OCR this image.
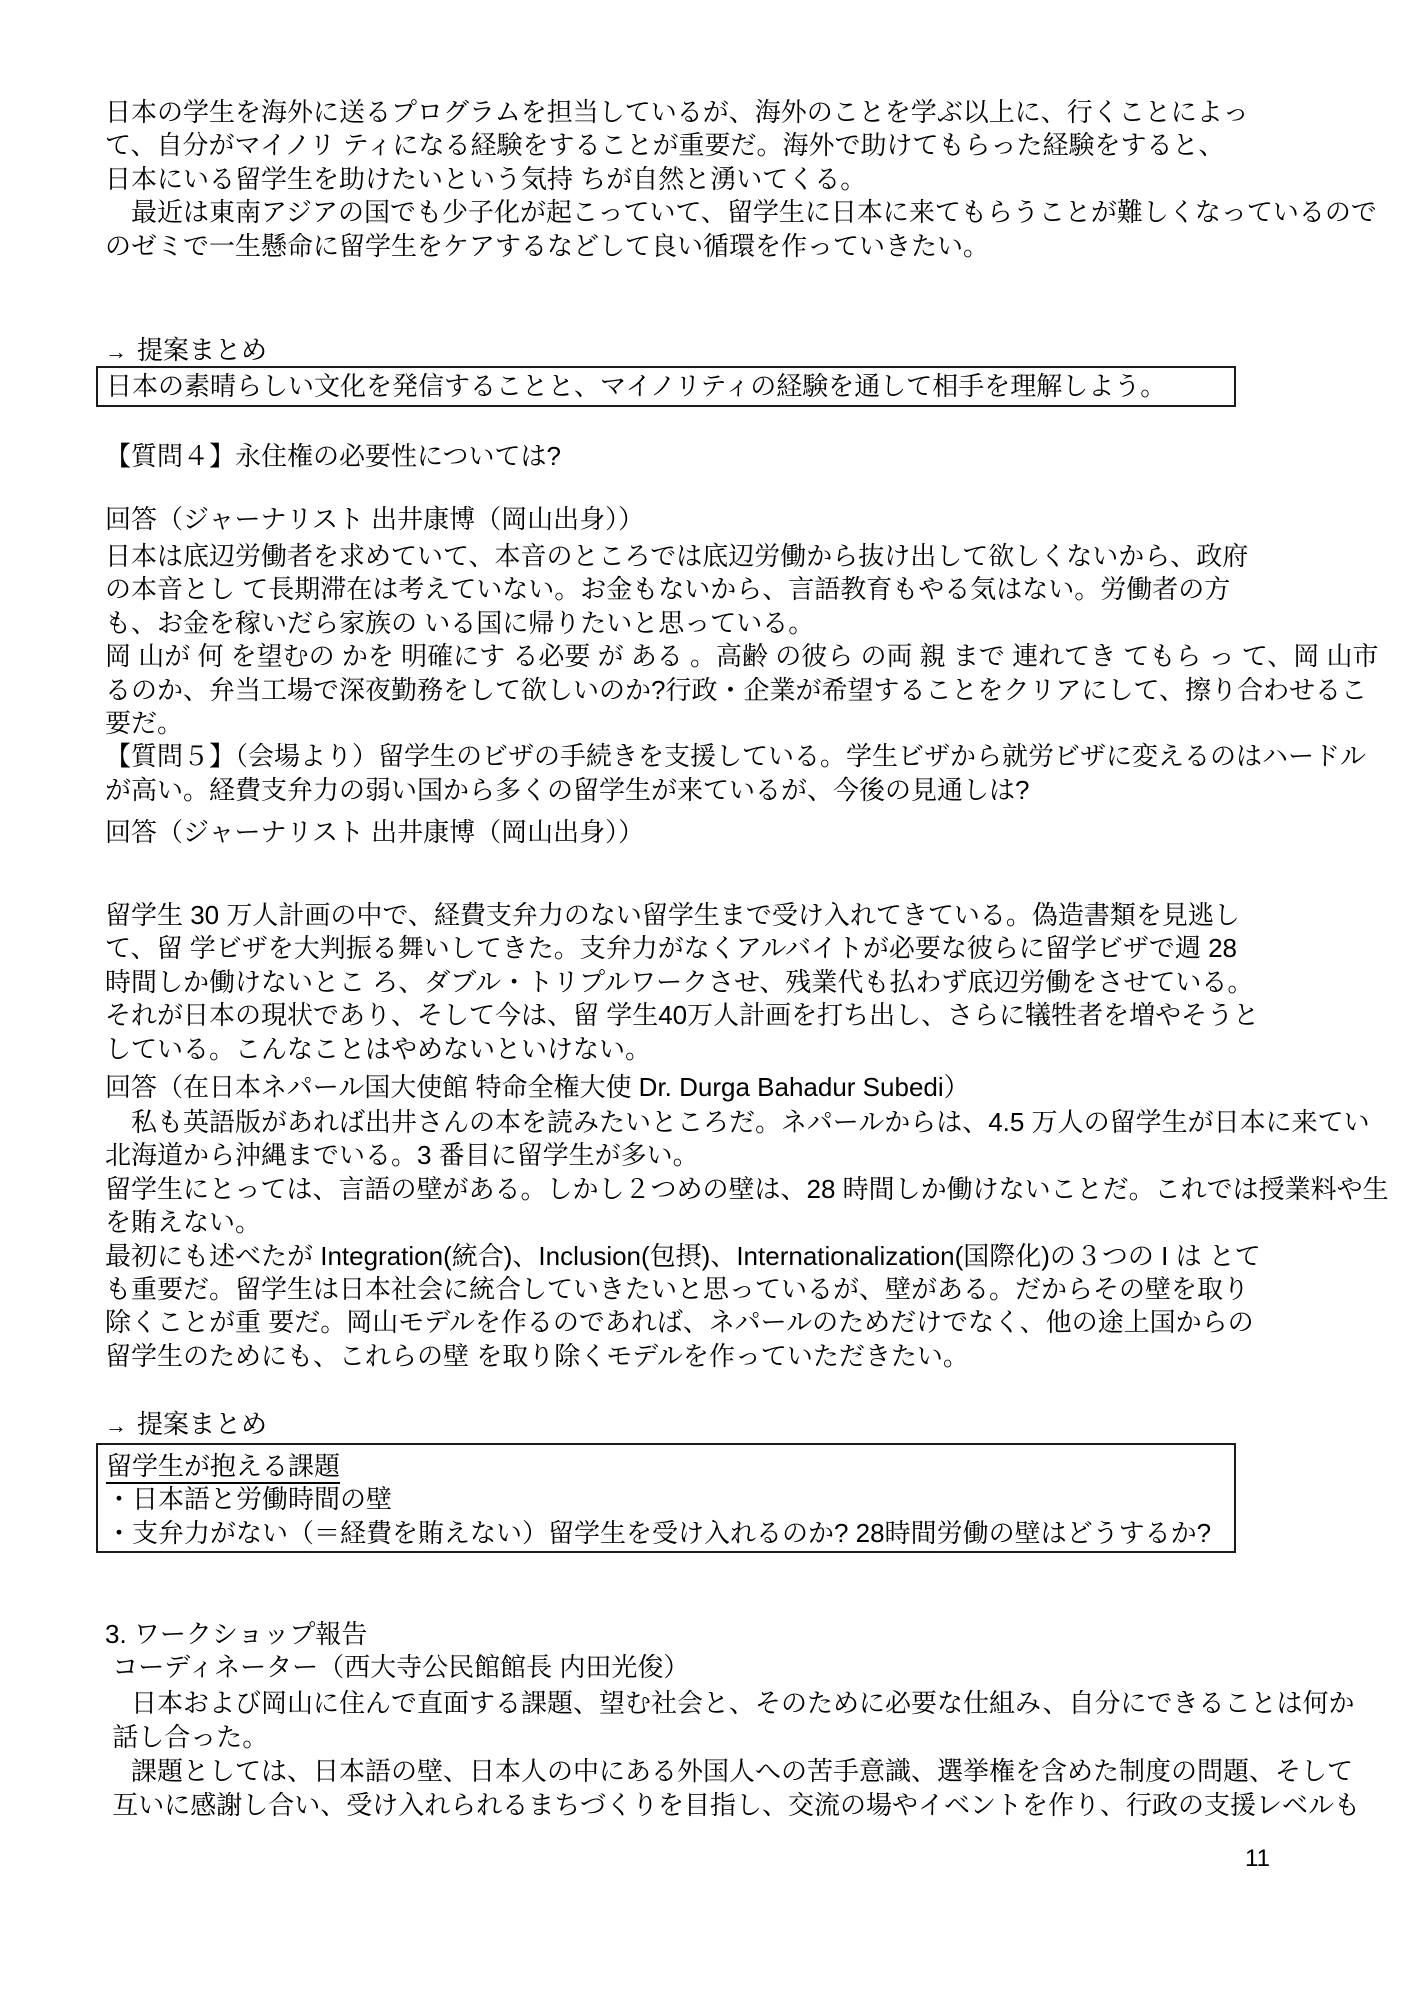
日本の学生を海外に送るプログラムを担当しているが、海外のことを学ぶ以上に、行くことによっ
て、自分がマイノリ ティになる経験をすることが重要だ。海外で助けてもらった経験をすると、
日本にいる留学生を助けたいという気持 ちが自然と湧いてくる。
　最近は東南アジアの国でも少子化が起こっていて、留学生に日本に来てもらうことが難しくなっているので
のゼミで一生懸命に留学生をケアするなどして良い循環を作っていきたい。
→ 提案まとめ
日本の素晴らしい文化を発信することと、マイノリティの経験を通して相手を理解しよう。
【質問４】永住権の必要性については?
回答（ジャーナリスト 出井康博（岡山出身））
日本は底辺労働者を求めていて、本音のところでは底辺労働から抜け出して欲しくないから、政府
の本音とし て長期滞在は考えていない。お金もないから、言語教育もやる気はない。労働者の方
も、お金を稼いだら家族の いる国に帰りたいと思っている。
岡 山が 何 を望むの かを 明確にす る必要 が ある 。高齢 の彼ら の両 親 まで 連れてき てもら っ て、岡 山市
るのか、弁当工場で深夜勤務をして欲しいのか?行政・企業が希望することをクリアにして、擦り合わせるこ
要だ。
【質問５】（会場より）留学生のビザの手続きを支援している。学生ビザから就労ビザに変えるのはハードル
が高い。経費支弁力の弱い国から多くの留学生が来ているが、今後の見通しは?
回答（ジャーナリスト 出井康博（岡山出身））
留学生 30 万人計画の中で、経費支弁力のない留学生まで受け入れてきている。偽造書類を見逃し
て、留 学ビザを大判振る舞いしてきた。支弁力がなくアルバイトが必要な彼らに留学ビザで週 28
時間しか働けないとこ ろ、ダブル・トリプルワークさせ、残業代も払わず底辺労働をさせている。
それが日本の現状であり、そして今は、留 学生40万人計画を打ち出し、さらに犠牲者を増やそうと
している。こんなことはやめないといけない。
回答（在日本ネパール国大使館 特命全権大使 Dr. Durga Bahadur Subedi）
　私も英語版があれば出井さんの本を読みたいところだ。ネパールからは、4.5 万人の留学生が日本に来てい
北海道から沖縄までいる。3 番目に留学生が多い。
留学生にとっては、言語の壁がある。しかし２つめの壁は、28 時間しか働けないことだ。これでは授業料や生
を賄えない。
最初にも述べたが Integration(統合)、Inclusion(包摂)、Internationalization(国際化)の３つの I は とて
も重要だ。留学生は日本社会に統合していきたいと思っているが、壁がある。だからその壁を取り
除くことが重 要だ。岡山モデルを作るのであれば、ネパールのためだけでなく、他の途上国からの
留学生のためにも、これらの壁 を取り除くモデルを作っていただきたい。
→ 提案まとめ
留学生が抱える課題
・日本語と労働時間の壁
・支弁力がない（＝経費を賄えない）留学生を受け入れるのか? 28時間労働の壁はどうするか?
3. ワークショップ報告
コーディネーター（西大寺公民館館長 内田光俊）
　日本および岡山に住んで直面する課題、望む社会と、そのために必要な仕組み、自分にできることは何か
話し合った。
　課題としては、日本語の壁、日本人の中にある外国人への苦手意識、選挙権を含めた制度の問題、そして
互いに感謝し合い、受け入れられるまちづくりを目指し、交流の場やイベントを作り、行政の支援レベルも
11
